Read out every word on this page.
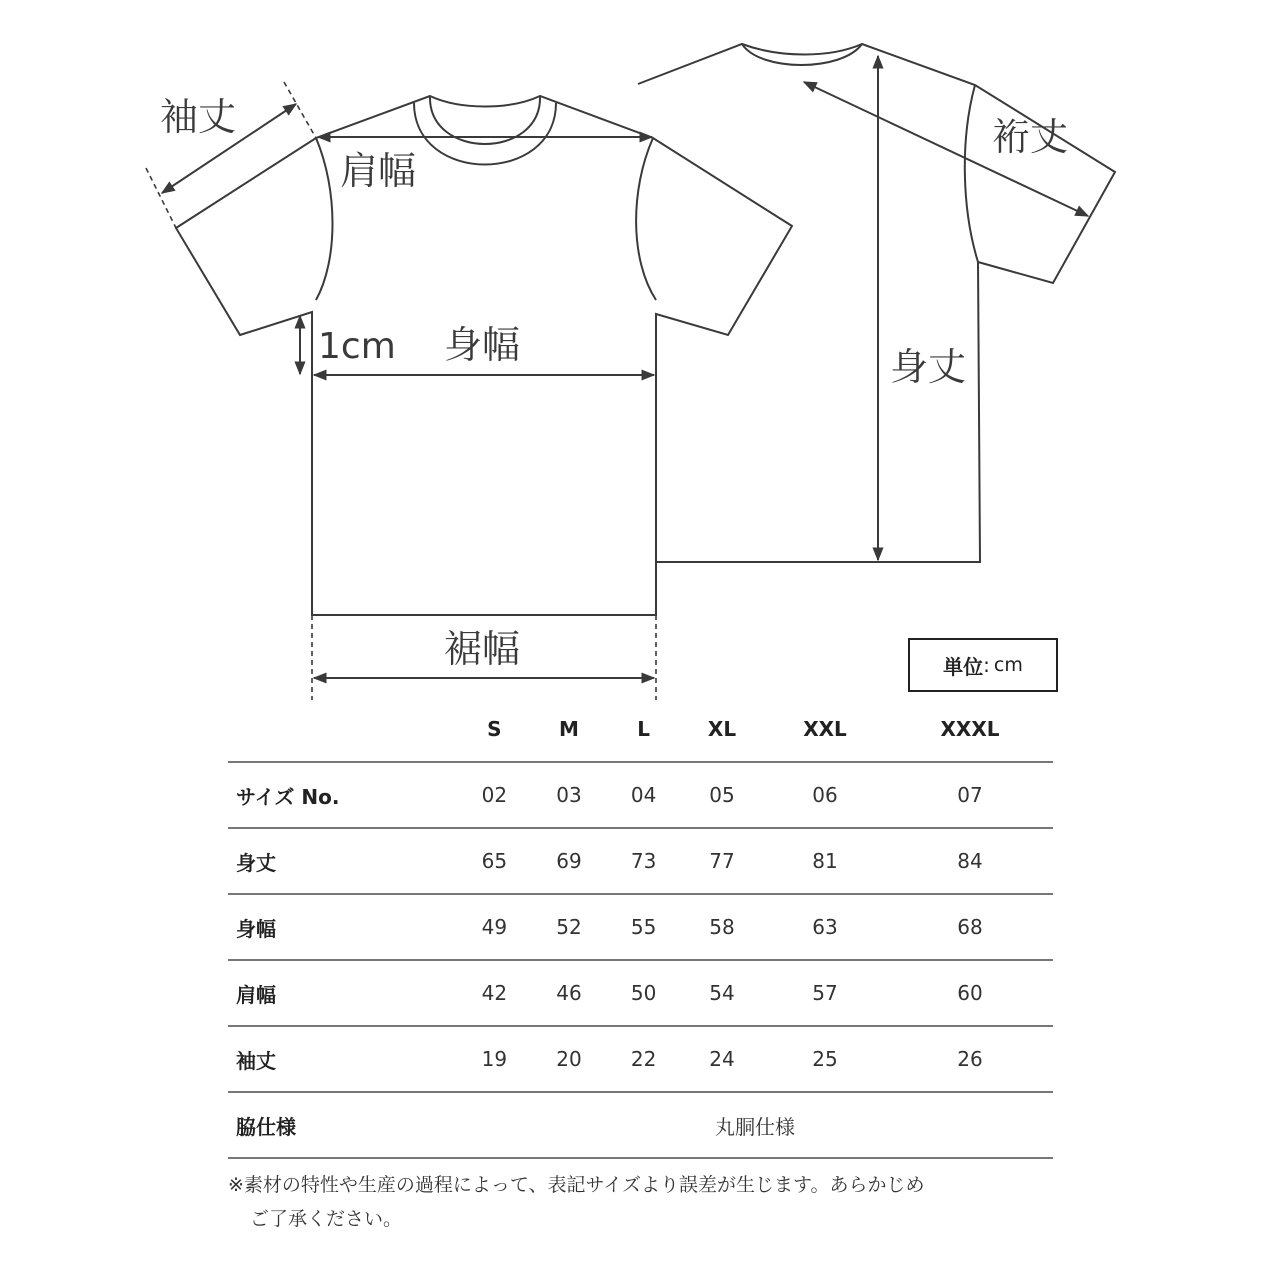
袖丈
肩幅
1cm 身幅
裾幅
裄丈
身丈
単位 : cm
	S	M	L	XL	XXL	XXXL
サイズ No.	02	03	04	05	06	07
身丈	65	69	73	77	81	84
身幅	49	52	55	58	63	68
肩幅	42	46	50	54	57	60
袖丈	19	20	22	24	25	26
脇仕様	丸胴仕様					
※素材の特性や生産の過程によって、表記サイズより誤差が生じます。あらかじめ
ご了承ください。
